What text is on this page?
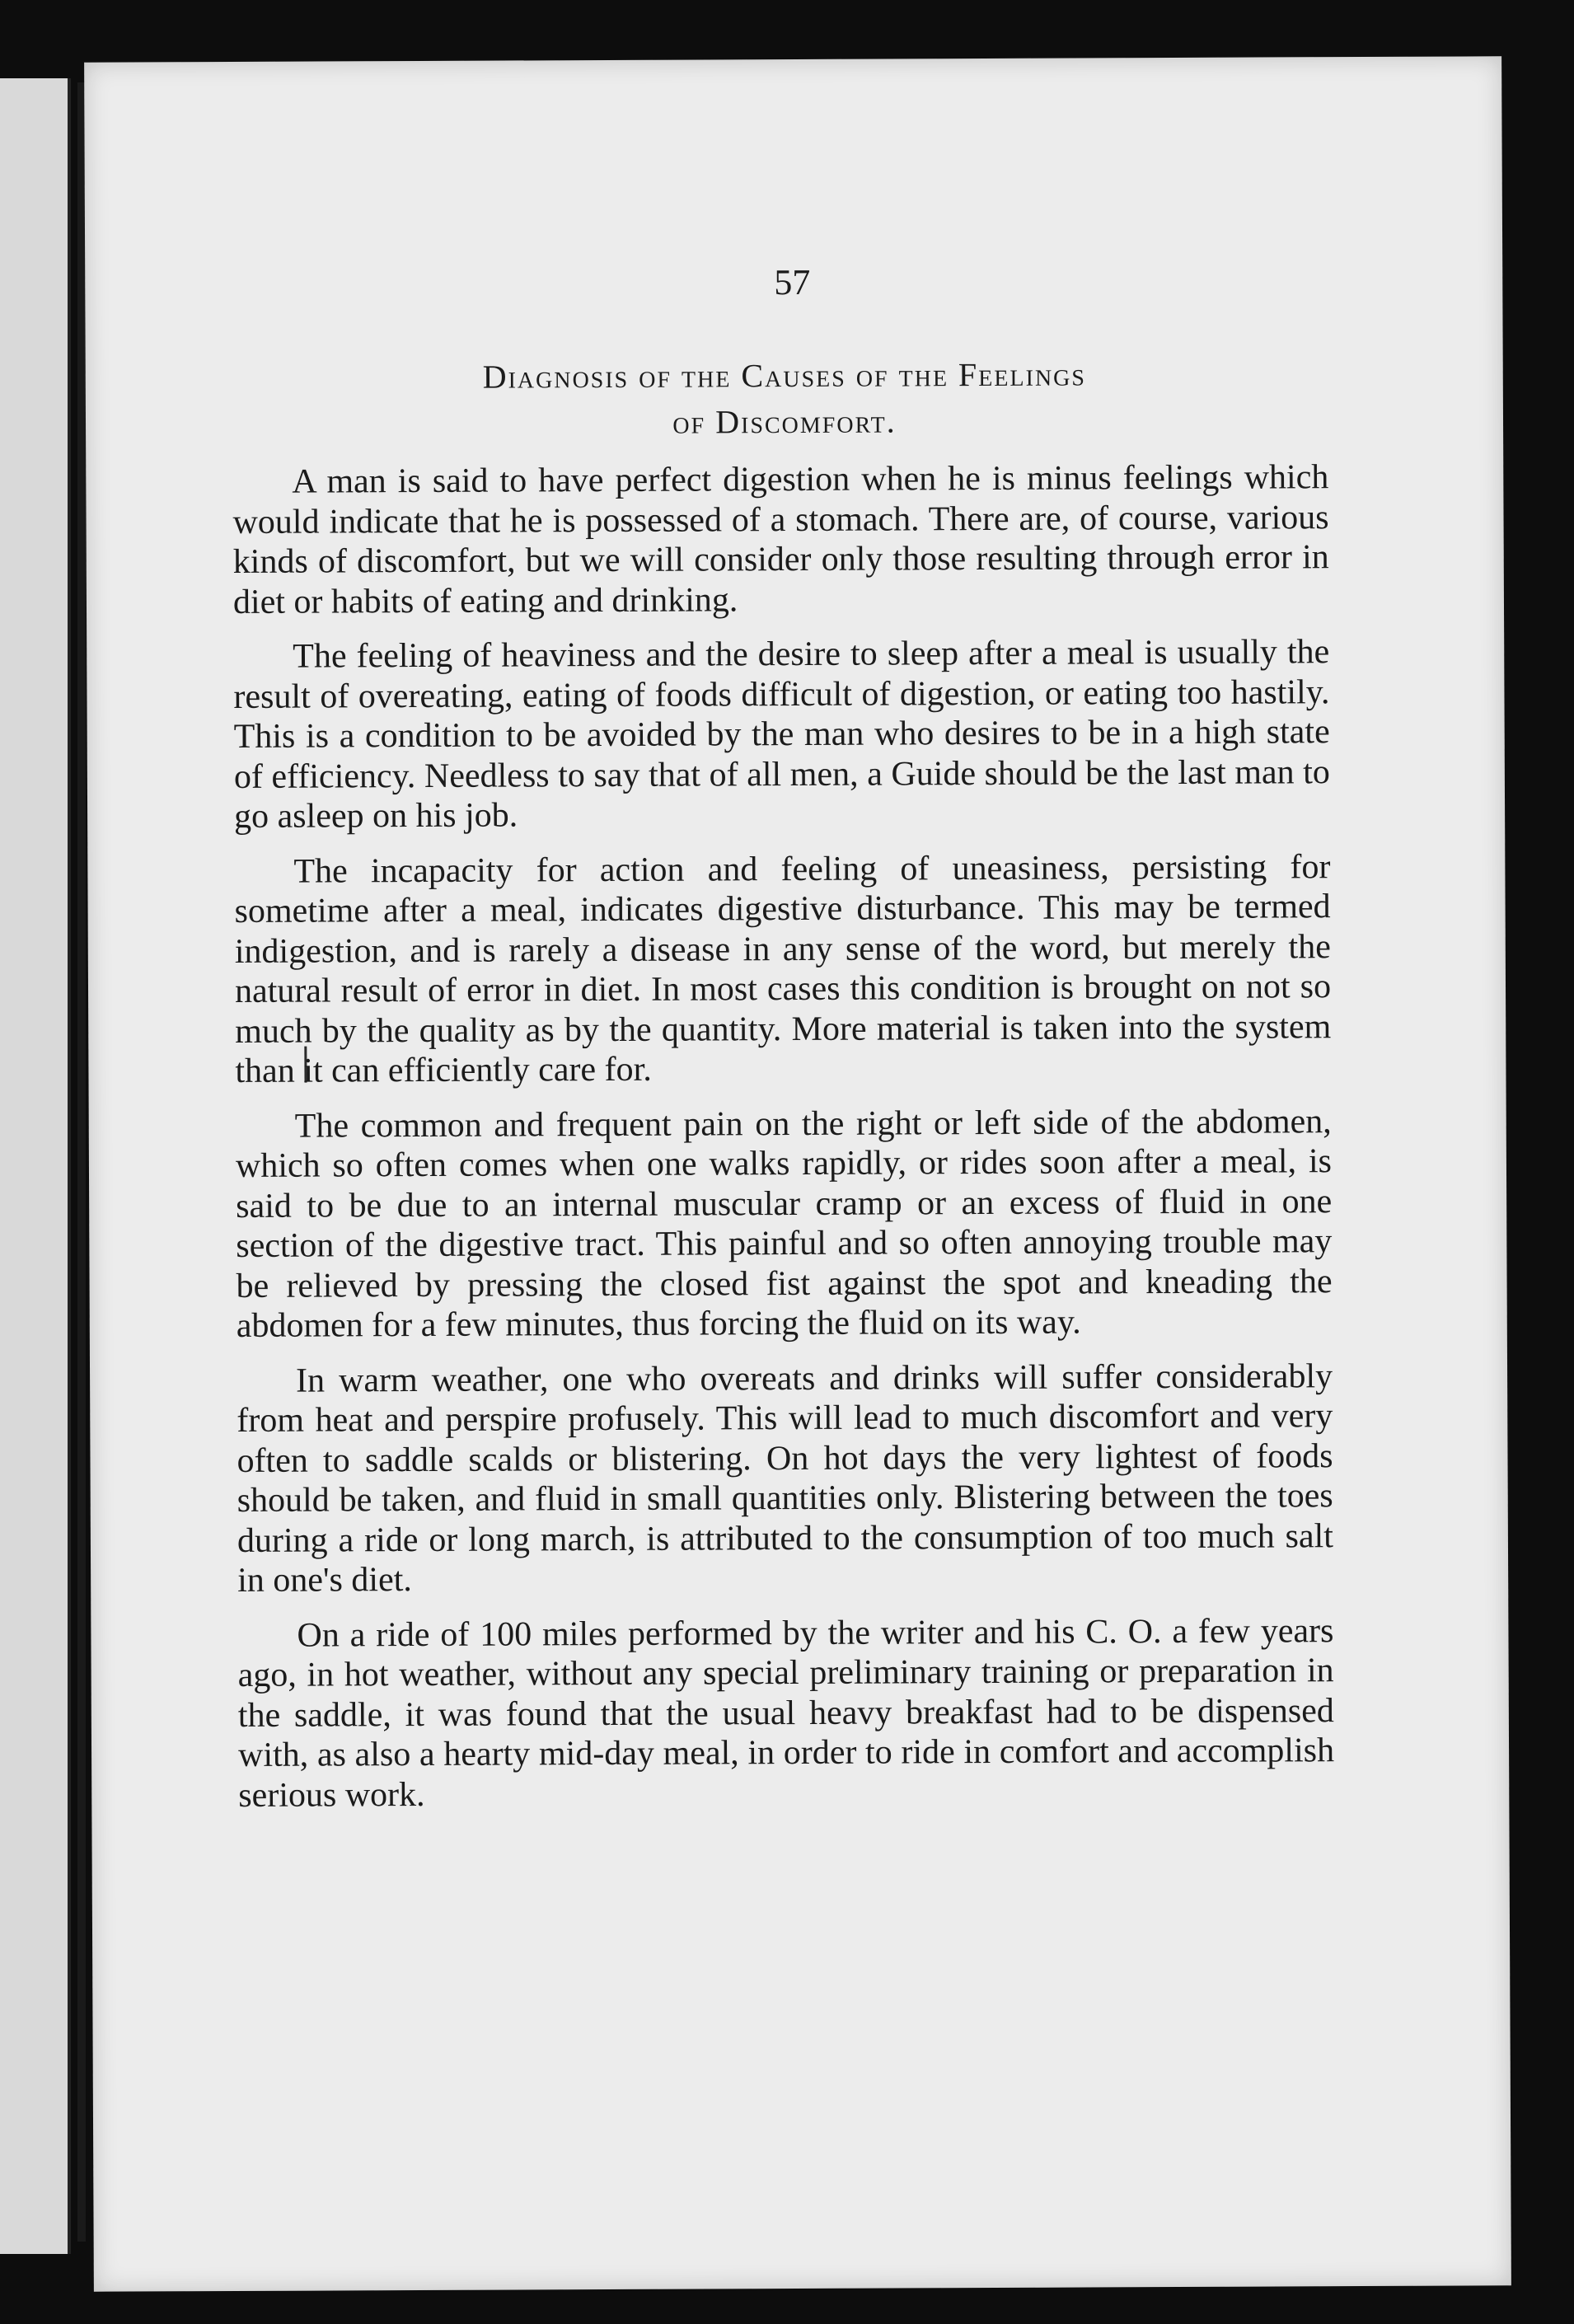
57
Diagnosis of the Causes of the Feelings
of Discomfort.

A man is said to have perfect digestion when he is minus feelings which would indicate that he is possessed of a stomach. There are, of course, various kinds of discomfort, but we will consider only those resulting through error in diet or habits of eating and drinking.

The feeling of heaviness and the desire to sleep after a meal is usually the result of overeating, eating of foods difficult of digestion, or eating too hastily. This is a condition to be avoided by the man who desires to be in a high state of efficiency. Needless to say that of all men, a Guide should be the last man to go asleep on his job.

The incapacity for action and feeling of uneasiness, persisting for sometime after a meal, indicates digestive disturbance. This may be termed indigestion, and is rarely a disease in any sense of the word, but merely the natural result of error in diet. In most cases this condition is brought on not so much by the quality as by the quantity. More material is taken into the system than it can efficiently care for.

The common and frequent pain on the right or left side of the abdomen, which so often comes when one walks rapidly, or rides soon after a meal, is said to be due to an internal muscular cramp or an excess of fluid in one section of the digestive tract. This painful and so often annoying trouble may be relieved by pressing the closed fist against the spot and kneading the abdomen for a few minutes, thus forcing the fluid on its way.

In warm weather, one who overeats and drinks will suffer considerably from heat and perspire profusely. This will lead to much discomfort and very often to saddle scalds or blistering. On hot days the very lightest of foods should be taken, and fluid in small quantities only. Blistering between the toes during a ride or long march, is attributed to the consumption of too much salt in one's diet.

On a ride of 100 miles performed by the writer and his C. O. a few years ago, in hot weather, without any special preliminary training or preparation in the saddle, it was found that the usual heavy breakfast had to be dispensed with, as also a hearty mid-day meal, in order to ride in comfort and accomplish serious work.
